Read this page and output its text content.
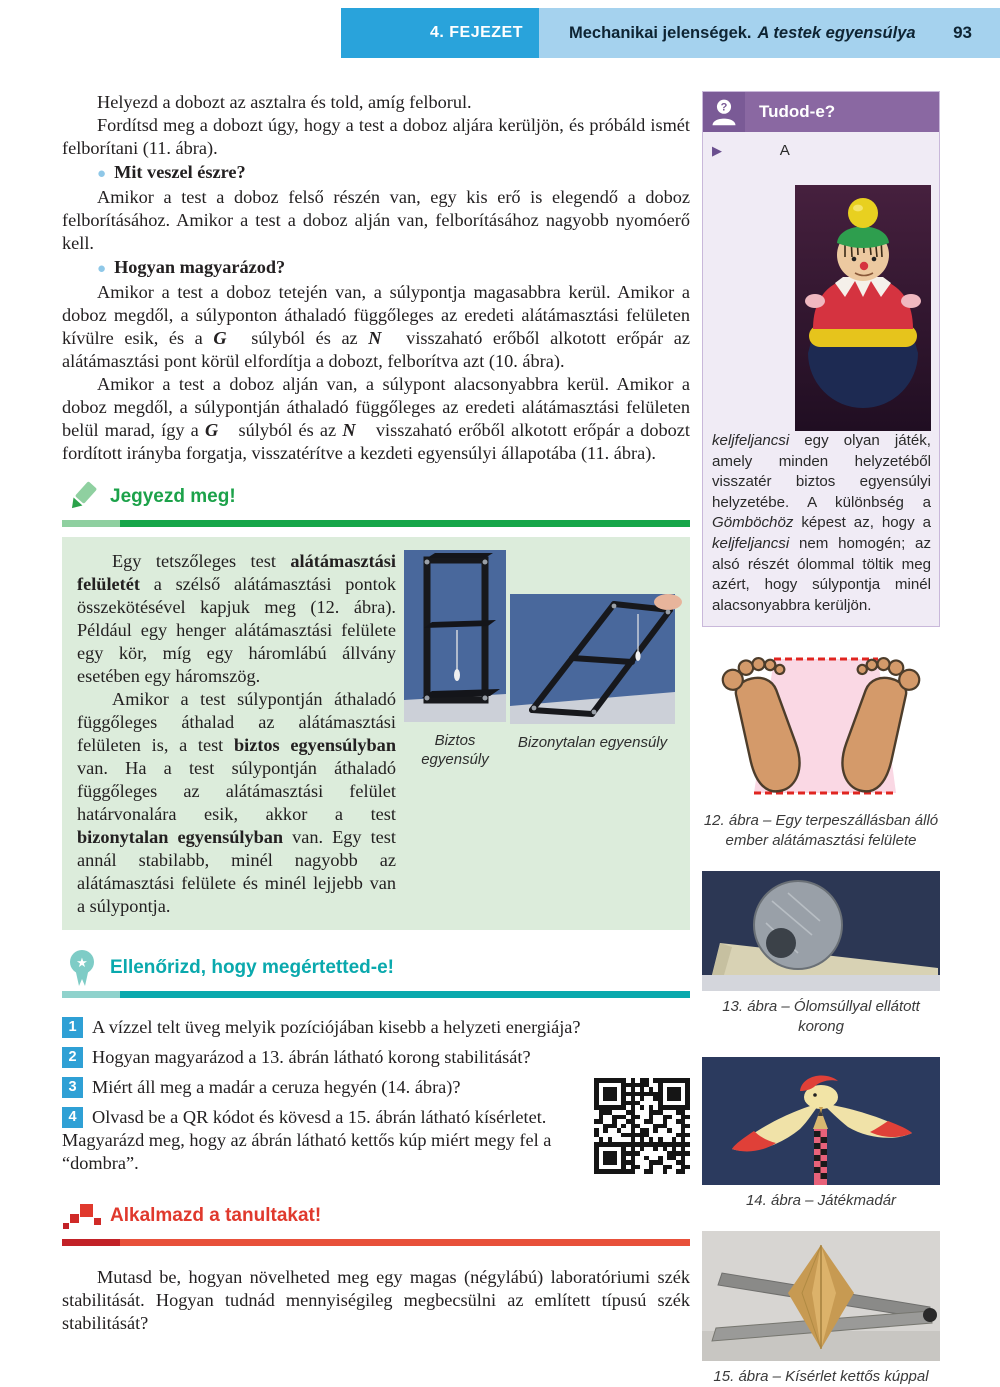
4. FEJEZET	Mechanikai jelenségek. A testek egyensúlya 93

Helyezd a dobozt az asztalra és told, amíg felborul.

Fordítsd meg a dobozt úgy, hogy a test a doboz aljára kerüljön, és próbáld ismét felborítani (11. ábra).

● Mit veszel észre?

Amikor a test a doboz felső részén van, egy kis erő is elegendő a doboz felborításához. Amikor a test a doboz alján van, felborításához nagyobb nyomóerő kell.

● Hogyan magyarázod?

Amikor a test a doboz tetején van, a súlypontja magasabbra kerül. Amikor a doboz megdől, a súlyponton áthaladó függőleges az eredeti alátámasztási felületen kívülre esik, és a G⃗ súlyból és az N⃗ visszaható erőből alkotott erőpár az alátámasztási pont körül elfordítja a dobozt, felborítva azt (10. ábra).

Amikor a test a doboz alján van, a súlypont alacsonyabbra kerül. Amikor a doboz megdől, a súlypontján áthaladó függőleges az eredeti alátámasztási felületen belül marad, így a G⃗ súlyból és az N⃗ visszaható erőből alkotott erőpár a dobozt fordított irányba forgatja, visszatérítve a kezdeti egyensúlyi állapotába (11. ábra).

Jegyezd meg!

Egy tetszőleges test alátámasztási felületét a szélső alátámasztási pontok összekötésével kapjuk meg (12. ábra). Például egy henger alátámasztási felülete egy kör, míg egy háromlábú állvány esetében egy háromszög.

Amikor a test súlypontján áthaladó függőleges áthalad az alátámasztási felületen is, a test biztos egyensúlyban van. Ha a test súlypontján áthaladó függőleges az alátámasztási felület határvonalára esik, akkor a test bizonytalan egyensúlyban van. Egy test annál stabilabb, minél nagyobb az alátámasztási felülete és minél lejjebb van a súlypontja.

Biztos egyensúly
Bizonytalan egyensúly
★ Ellenőrizd, hogy megértetted-e!
1 A vízzel telt üveg melyik pozíciójában kisebb a helyzeti energiája?
2 Hogyan magyarázod a 13. ábrán látható korong stabilitását?
3 Miért áll meg a madár a ceruza hegyén (14. ábra)?
4 Olvasd be a QR kódot és kövesd a 15. ábrán látható kísérletet. Magyarázd meg, hogy az ábrán látható kettős kúp miért megy fel a “dombra”.
Alkalmazd a tanultakat!

Mutasd be, hogyan növelheted meg egy magas (négylábú) laboratóriumi szék stabilitását. Hogyan tudnád mennyiségileg megbecsülni az említett típusú szék stabilitását?

?	Tudod-e?
▶ A keljfeljancsi egy olyan játék, amely minden helyzetéből visszatér biztos egyensúlyi helyzetébe. A különbség a Gömböchöz képest az, hogy a keljfeljancsi nem homogén; az alsó részét ólommal töltik meg azért, hogy súlypontja minél alacsonyabbra kerüljön.
12. ábra – Egy terpeszállásban álló ember alátámasztási felülete
13. ábra – Ólomsúllyal ellátott korong
14. ábra – Játékmadár
15. ábra – Kísérlet kettős kúppal
